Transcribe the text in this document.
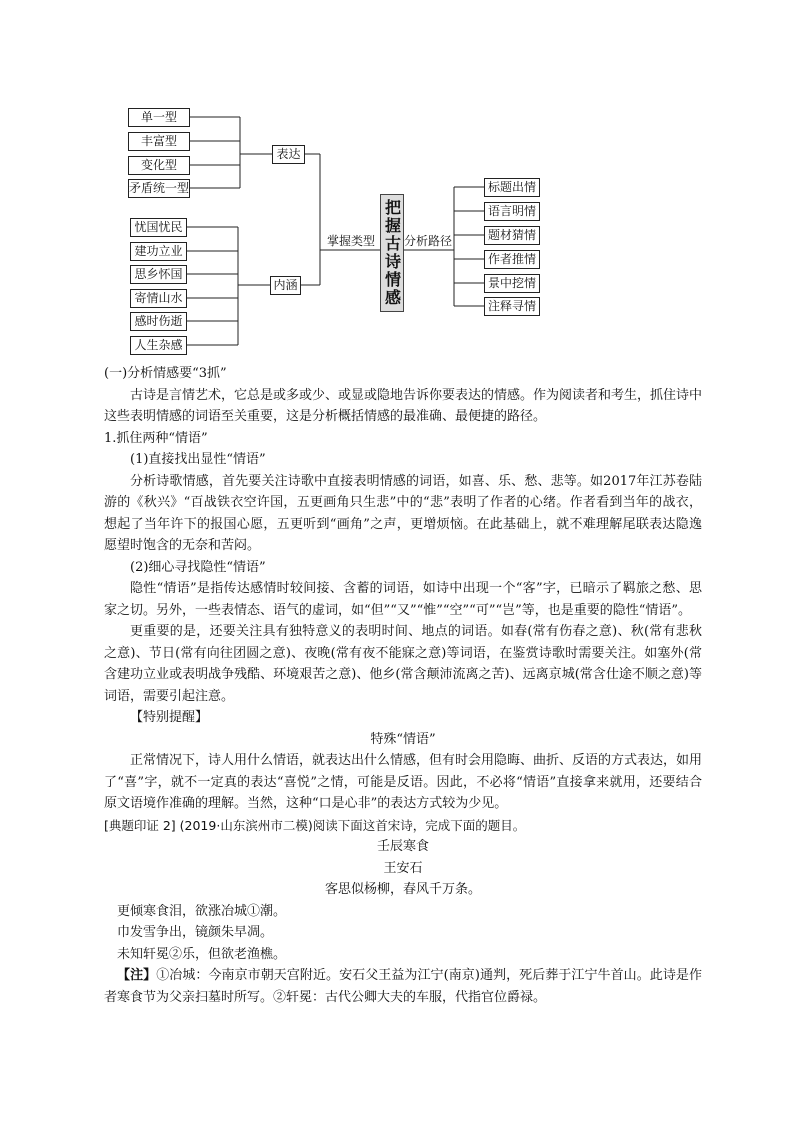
单一型
丰富型
变化型
矛盾统一型
忧国忧民
建功立业
思乡怀国
寄情山水
感时伤逝
人生杂感
表达
内涵
掌握类型 把握古诗情感 分析路径
标题出情
语言明情
题材猜情
作者推情
景中挖情
注释寻情

(一)分析情感要“3抓”

古诗是言情艺术，它总是或多或少、或显或隐地告诉你要表达的情感。作为阅读者和考生，抓住诗中这些表明情感的词语至关重要，这是分析概括情感的最准确、最便捷的路径。

1.抓住两种“情语”

(1)直接找出显性“情语”

分析诗歌情感，首先要关注诗歌中直接表明情感的词语，如喜、乐、愁、悲等。如2017年江苏卷陆游的《秋兴》“百战铁衣空许国，五更画角只生悲”中的“悲”表明了作者的心绪。作者看到当年的战衣，想起了当年许下的报国心愿，五更听到“画角”之声，更增烦恼。在此基础上，就不难理解尾联表达隐逸愿望时饱含的无奈和苦闷。

(2)细心寻找隐性“情语”

隐性“情语”是指传达感情时较间接、含蓄的词语，如诗中出现一个“客”字，已暗示了羁旅之愁、思家之切。另外，一些表情态、语气的虚词，如“但”“又”“惟”“空”“可”“岂”等，也是重要的隐性“情语”。

更重要的是，还要关注具有独特意义的表明时间、地点的词语。如春(常有伤春之意)、秋(常有悲秋之意)、节日(常有向往团圆之意)、夜晚(常有夜不能寐之意)等词语，在鉴赏诗歌时需要关注。如塞外(常含建功立业或表明战争残酷、环境艰苦之意)、他乡(常含颠沛流离之苦)、远离京城(常含仕途不顺之意)等词语，需要引起注意。

【特别提醒】

特殊“情语”

正常情况下，诗人用什么情语，就表达出什么情感，但有时会用隐晦、曲折、反语的方式表达，如用了“喜”字，就不一定真的表达“喜悦”之情，可能是反语。因此，不必将“情语”直接拿来就用，还要结合原文语境作准确的理解。当然，这种“口是心非”的表达方式较为少见。

[典题印证 2] (2019·山东滨州市二模)阅读下面这首宋诗，完成下面的题目。

壬辰寒食

王安石

客思似杨柳，春风千万条。

更倾寒食泪，欲涨冶城①潮。

巾发雪争出，镜颜朱早凋。

未知轩冕②乐，但欲老渔樵。

【注】①冶城：今南京市朝天宫附近。安石父王益为江宁(南京)通判，死后葬于江宁牛首山。此诗是作者寒食节为父亲扫墓时所写。②轩冕：古代公卿大夫的车服，代指官位爵禄。
